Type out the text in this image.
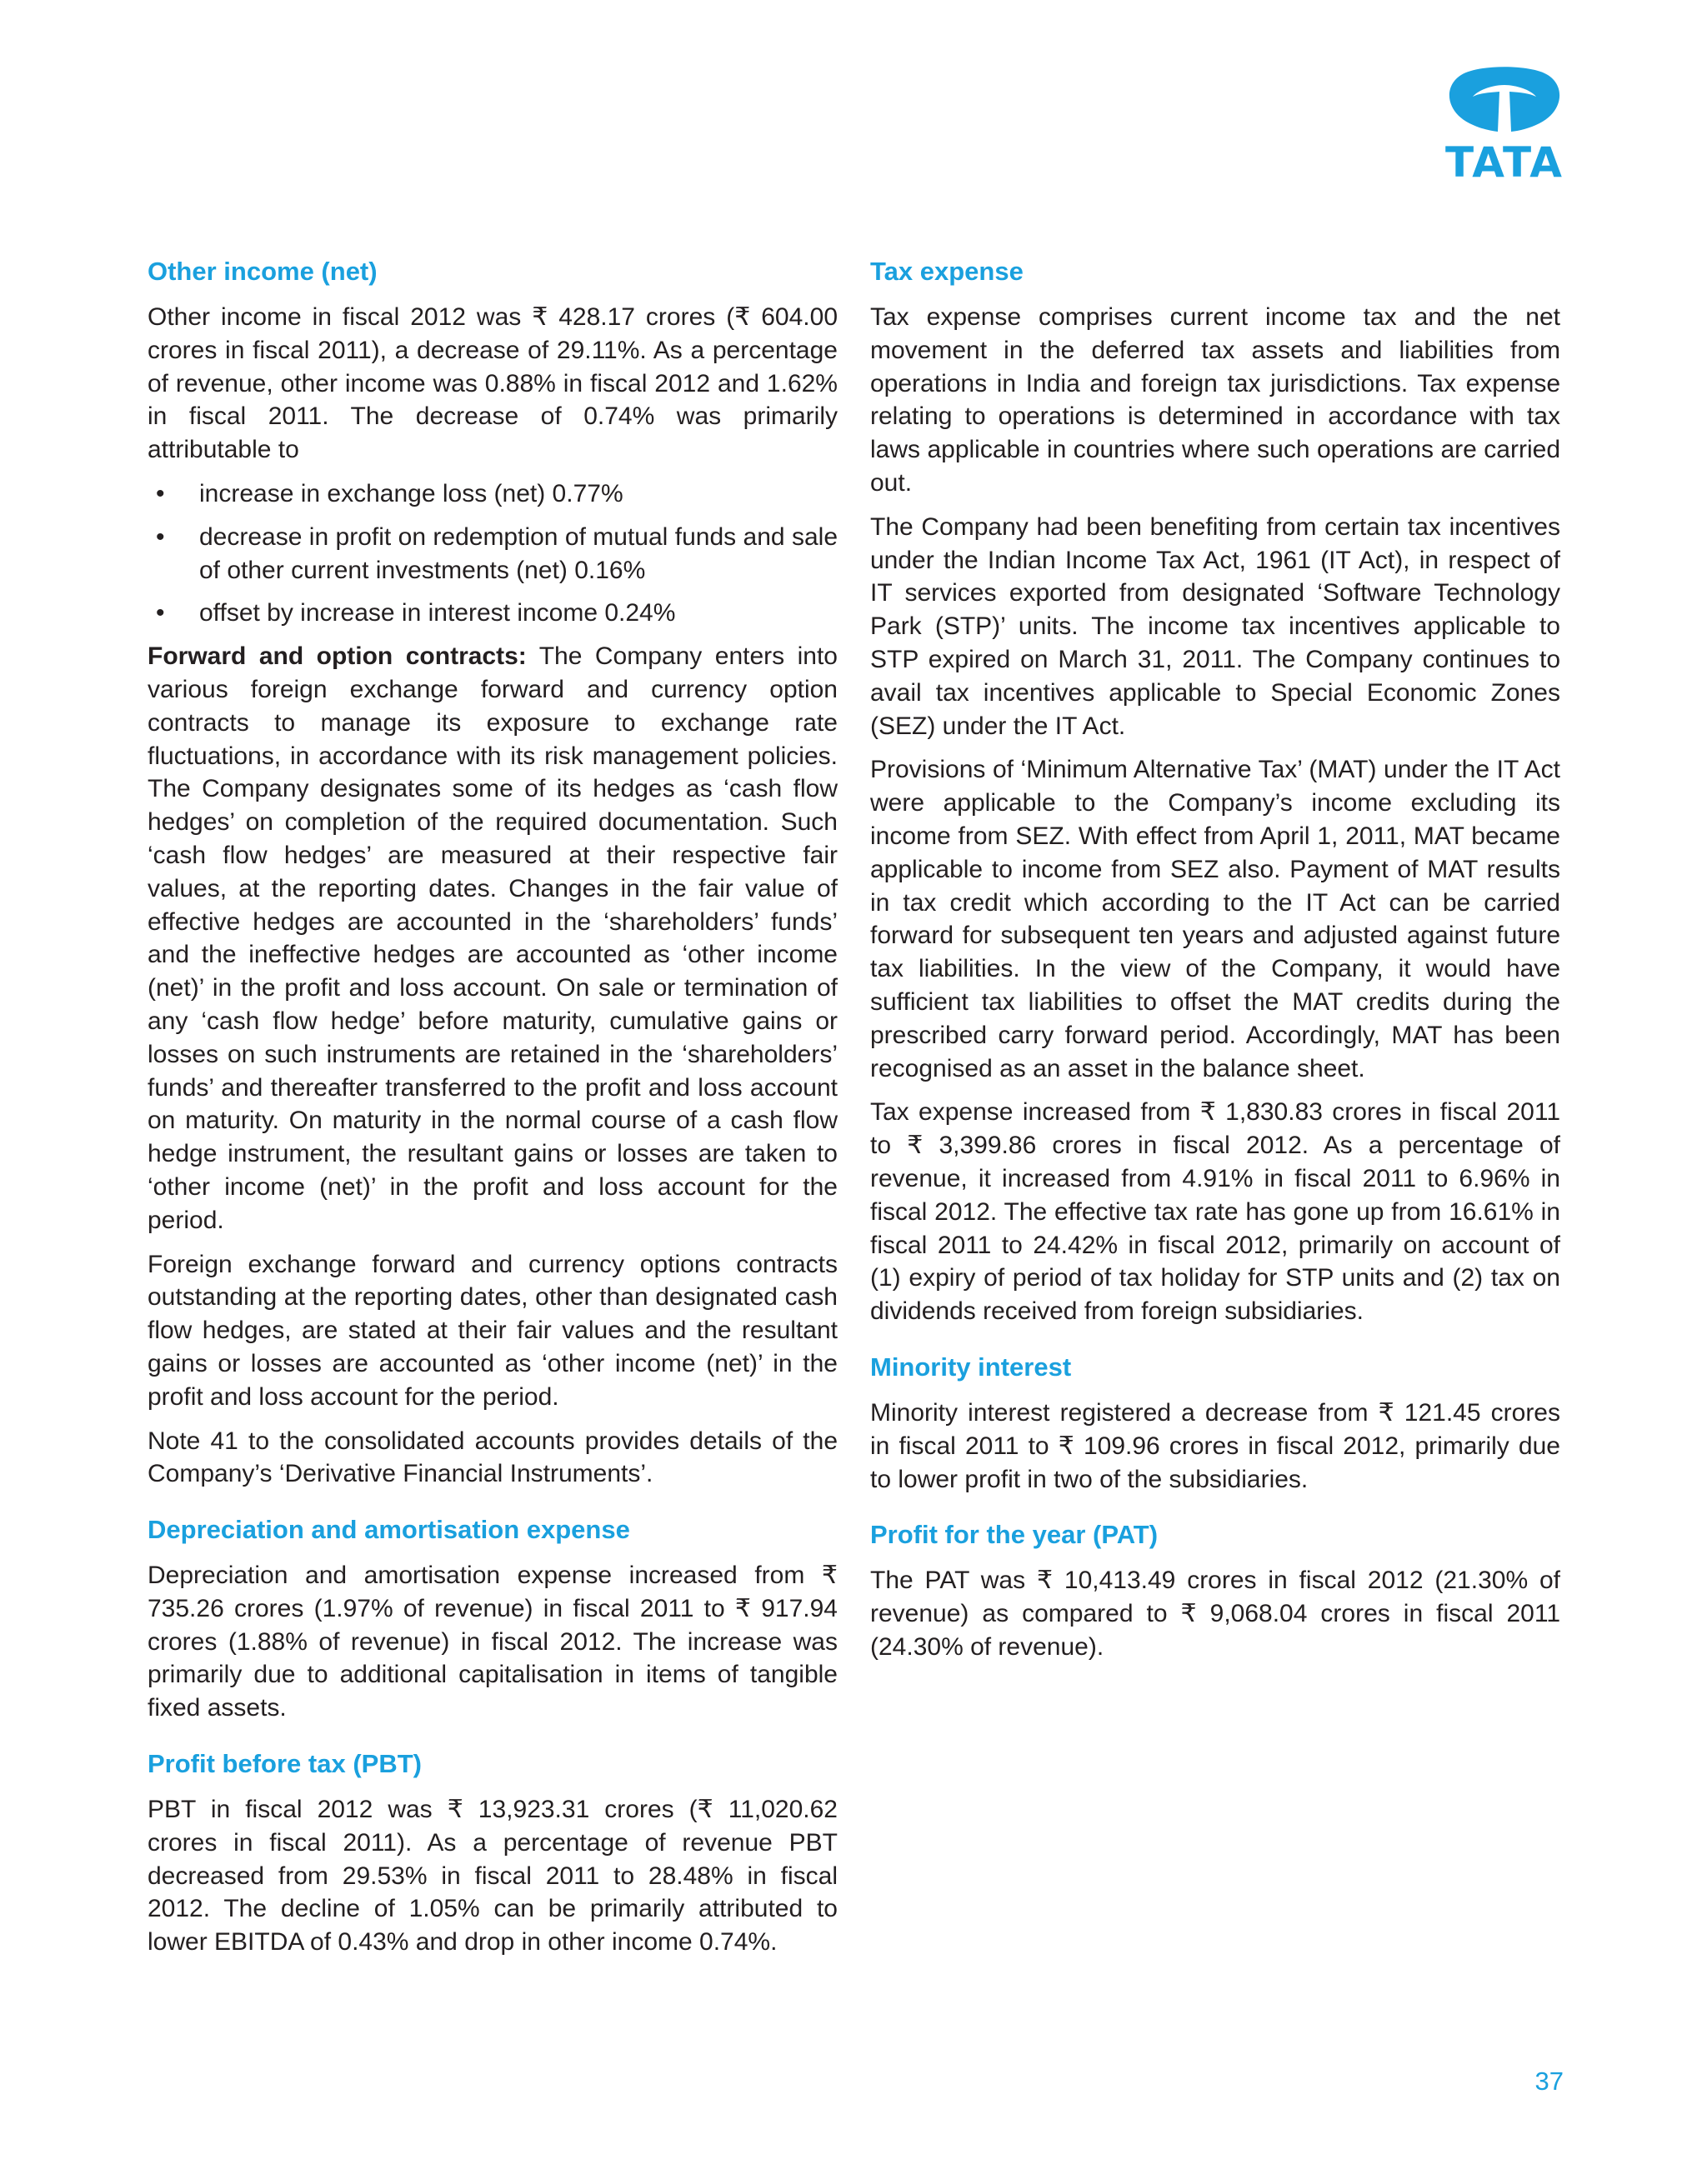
TATA
Other income (net)

Other income in fiscal 2012 was ₹ 428.17 crores (₹ 604.00 crores in fiscal 2011), a decrease of 29.11%. As a percentage of revenue, other income was 0.88% in fiscal 2012 and 1.62% in fiscal 2011. The decrease of 0.74% was primarily attributable to

• increase in exchange loss (net) 0.77%
• decrease in profit on redemption of mutual funds and sale of other current investments (net) 0.16%
• offset by increase in interest income 0.24%

Forward and option contracts: The Company enters into various foreign exchange forward and currency option contracts to manage its exposure to exchange rate fluctuations, in accordance with its risk management policies. The Company designates some of its hedges as ‘cash flow hedges’ on completion of the required documentation. Such ‘cash flow hedges’ are measured at their respective fair values, at the reporting dates. Changes in the fair value of effective hedges are accounted in the ‘shareholders’ funds’ and the ineffective hedges are accounted as ‘other income (net)’ in the profit and loss account. On sale or termination of any ‘cash flow hedge’ before maturity, cumulative gains or losses on such instruments are retained in the ‘shareholders’ funds’ and thereafter transferred to the profit and loss account on maturity. On maturity in the normal course of a cash flow hedge instrument, the resultant gains or losses are taken to ‘other income (net)’ in the profit and loss account for the period.

Foreign exchange forward and currency options contracts outstanding at the reporting dates, other than designated cash flow hedges, are stated at their fair values and the resultant gains or losses are accounted as ‘other income (net)’ in the profit and loss account for the period.

Note 41 to the consolidated accounts provides details of the Company’s ‘Derivative Financial Instruments’.

Depreciation and amortisation expense

Depreciation and amortisation expense increased from ₹ 735.26 crores (1.97% of revenue) in fiscal 2011 to ₹ 917.94 crores (1.88% of revenue) in fiscal 2012. The increase was primarily due to additional capitalisation in items of tangible fixed assets.

Profit before tax (PBT)

PBT in fiscal 2012 was ₹ 13,923.31 crores (₹ 11,020.62 crores in fiscal 2011). As a percentage of revenue PBT decreased from 29.53% in fiscal 2011 to 28.48% in fiscal 2012. The decline of 1.05% can be primarily attributed to lower EBITDA of 0.43% and drop in other income 0.74%.

Tax expense

Tax expense comprises current income tax and the net movement in the deferred tax assets and liabilities from operations in India and foreign tax jurisdictions. Tax expense relating to operations is determined in accordance with tax laws applicable in countries where such operations are carried out.

The Company had been benefiting from certain tax incentives under the Indian Income Tax Act, 1961 (IT Act), in respect of IT services exported from designated ‘Software Technology Park (STP)’ units. The income tax incentives applicable to STP expired on March 31, 2011. The Company continues to avail tax incentives applicable to Special Economic Zones (SEZ) under the IT Act.

Provisions of ‘Minimum Alternative Tax’ (MAT) under the IT Act were applicable to the Company’s income excluding its income from SEZ. With effect from April 1, 2011, MAT became applicable to income from SEZ also. Payment of MAT results in tax credit which according to the IT Act can be carried forward for subsequent ten years and adjusted against future tax liabilities. In the view of the Company, it would have sufficient tax liabilities to offset the MAT credits during the prescribed carry forward period. Accordingly, MAT has been recognised as an asset in the balance sheet.

Tax expense increased from ₹ 1,830.83 crores in fiscal 2011 to ₹ 3,399.86 crores in fiscal 2012. As a percentage of revenue, it increased from 4.91% in fiscal 2011 to 6.96% in fiscal 2012. The effective tax rate has gone up from 16.61% in fiscal 2011 to 24.42% in fiscal 2012, primarily on account of (1) expiry of period of tax holiday for STP units and (2) tax on dividends received from foreign subsidiaries.

Minority interest

Minority interest registered a decrease from ₹ 121.45 crores in fiscal 2011 to ₹ 109.96 crores in fiscal 2012, primarily due to lower profit in two of the subsidiaries.

Profit for the year (PAT)

The PAT was ₹ 10,413.49 crores in fiscal 2012 (21.30% of revenue) as compared to ₹ 9,068.04 crores in fiscal 2011 (24.30% of revenue).

37
